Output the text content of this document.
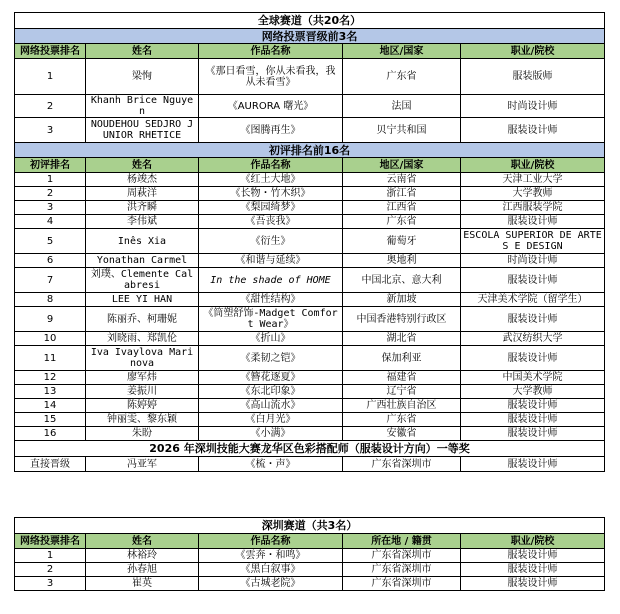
全球赛道（共20名）				
网络投票晋级前3名				
网络投票排名	姓名	作品名称	地区/国家	职业/院校
1	梁恂	《那日看雪，你从未看我，我从未看雪》	广东省	服装版师
2	Khanh Brice Nguyen	《AURORA 曙光》	法国	时尚设计师
3	NOUDEHOU SEDJRO JUNIOR RHETICE	《图腾再生》	贝宁共和国	服装设计师
初评排名前16名				
初评排名	姓名	作品名称	地区/国家	职业/院校
1	杨竣杰	《红土大地》	云南省	天津工业大学
2	周萩洋	《长物・竹木织》	浙江省	大学教师
3	洪齐瞬	《梨园绮梦》	江西省	江西服装学院
4	李伟斌	《吾丧我》	广东省	服装设计师
5	Inês Xia	《衍生》	葡萄牙	ESCOLA SUPERIOR DE ARTES E DESIGN
6	Yonathan Carmel	《和谐与延续》	奥地利	时尚设计师
7	刘璞、Clemente Calabresi	In the shade of HOME	中国北京、意大利	服装设计师
8	LEE YI HAN	《甜性结构》	新加坡	天津美术学院（留学生）
9	陈丽乔、柯珊妮	《筒塑舒饰-Madget Comfort Wear》	中国香港特别行政区	服装设计师
10	刘晓雨、郑凯伦	《折山》	湖北省	武汉纺织大学
11	Iva Ivaylova Marinova	《柔韧之铠》	保加利亚	服装设计师
12	廖军炜	《簪花逐夏》	福建省	中国美术学院
13	姜振川	《东北印象》	辽宁省	大学教师
14	陈婷婷	《高山流水》	广西壮族自治区	服装设计师
15	钟丽雯、黎东颖	《白月光》	广东省	服装设计师
16	朱盼	《小满》	安徽省	服装设计师
2026 年深圳技能大赛龙华区色彩搭配师（服装设计方向）一等奖				
直接晋级	冯亚军	《梳・声》	广东省深圳市	服装设计师
深圳赛道（共3名）				
网络投票排名	姓名	作品名称	所在地 / 籍贯	职业/院校
1	林裕玲	《雲奔・和鸣》	广东省深圳市	服装设计师
2	孙春旭	《黑白叙事》	广东省深圳市	服装设计师
3	崔英	《古城老院》	广东省深圳市	服装设计师
